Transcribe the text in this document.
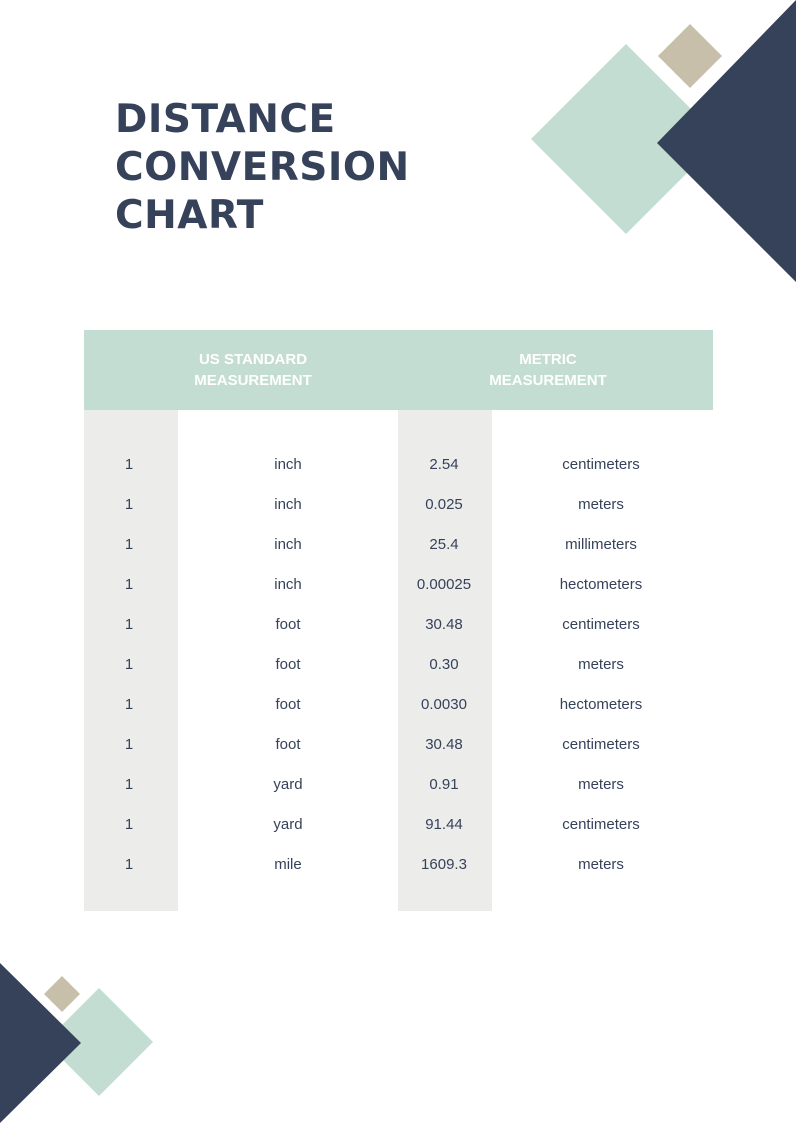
DISTANCE
CONVERSION
CHART
US STANDARD
MEASUREMENT
METRIC
MEASUREMENT
1	inch	2.54	centimeters
1	inch	0.025	meters
1	inch	25.4	millimeters
1	inch	0.00025	hectometers
1	foot	30.48	centimeters
1	foot	0.30	meters
1	foot	0.0030	hectometers
1	foot	30.48	centimeters
1	yard	0.91	meters
1	yard	91.44	centimeters
1	mile	1609.3	meters
